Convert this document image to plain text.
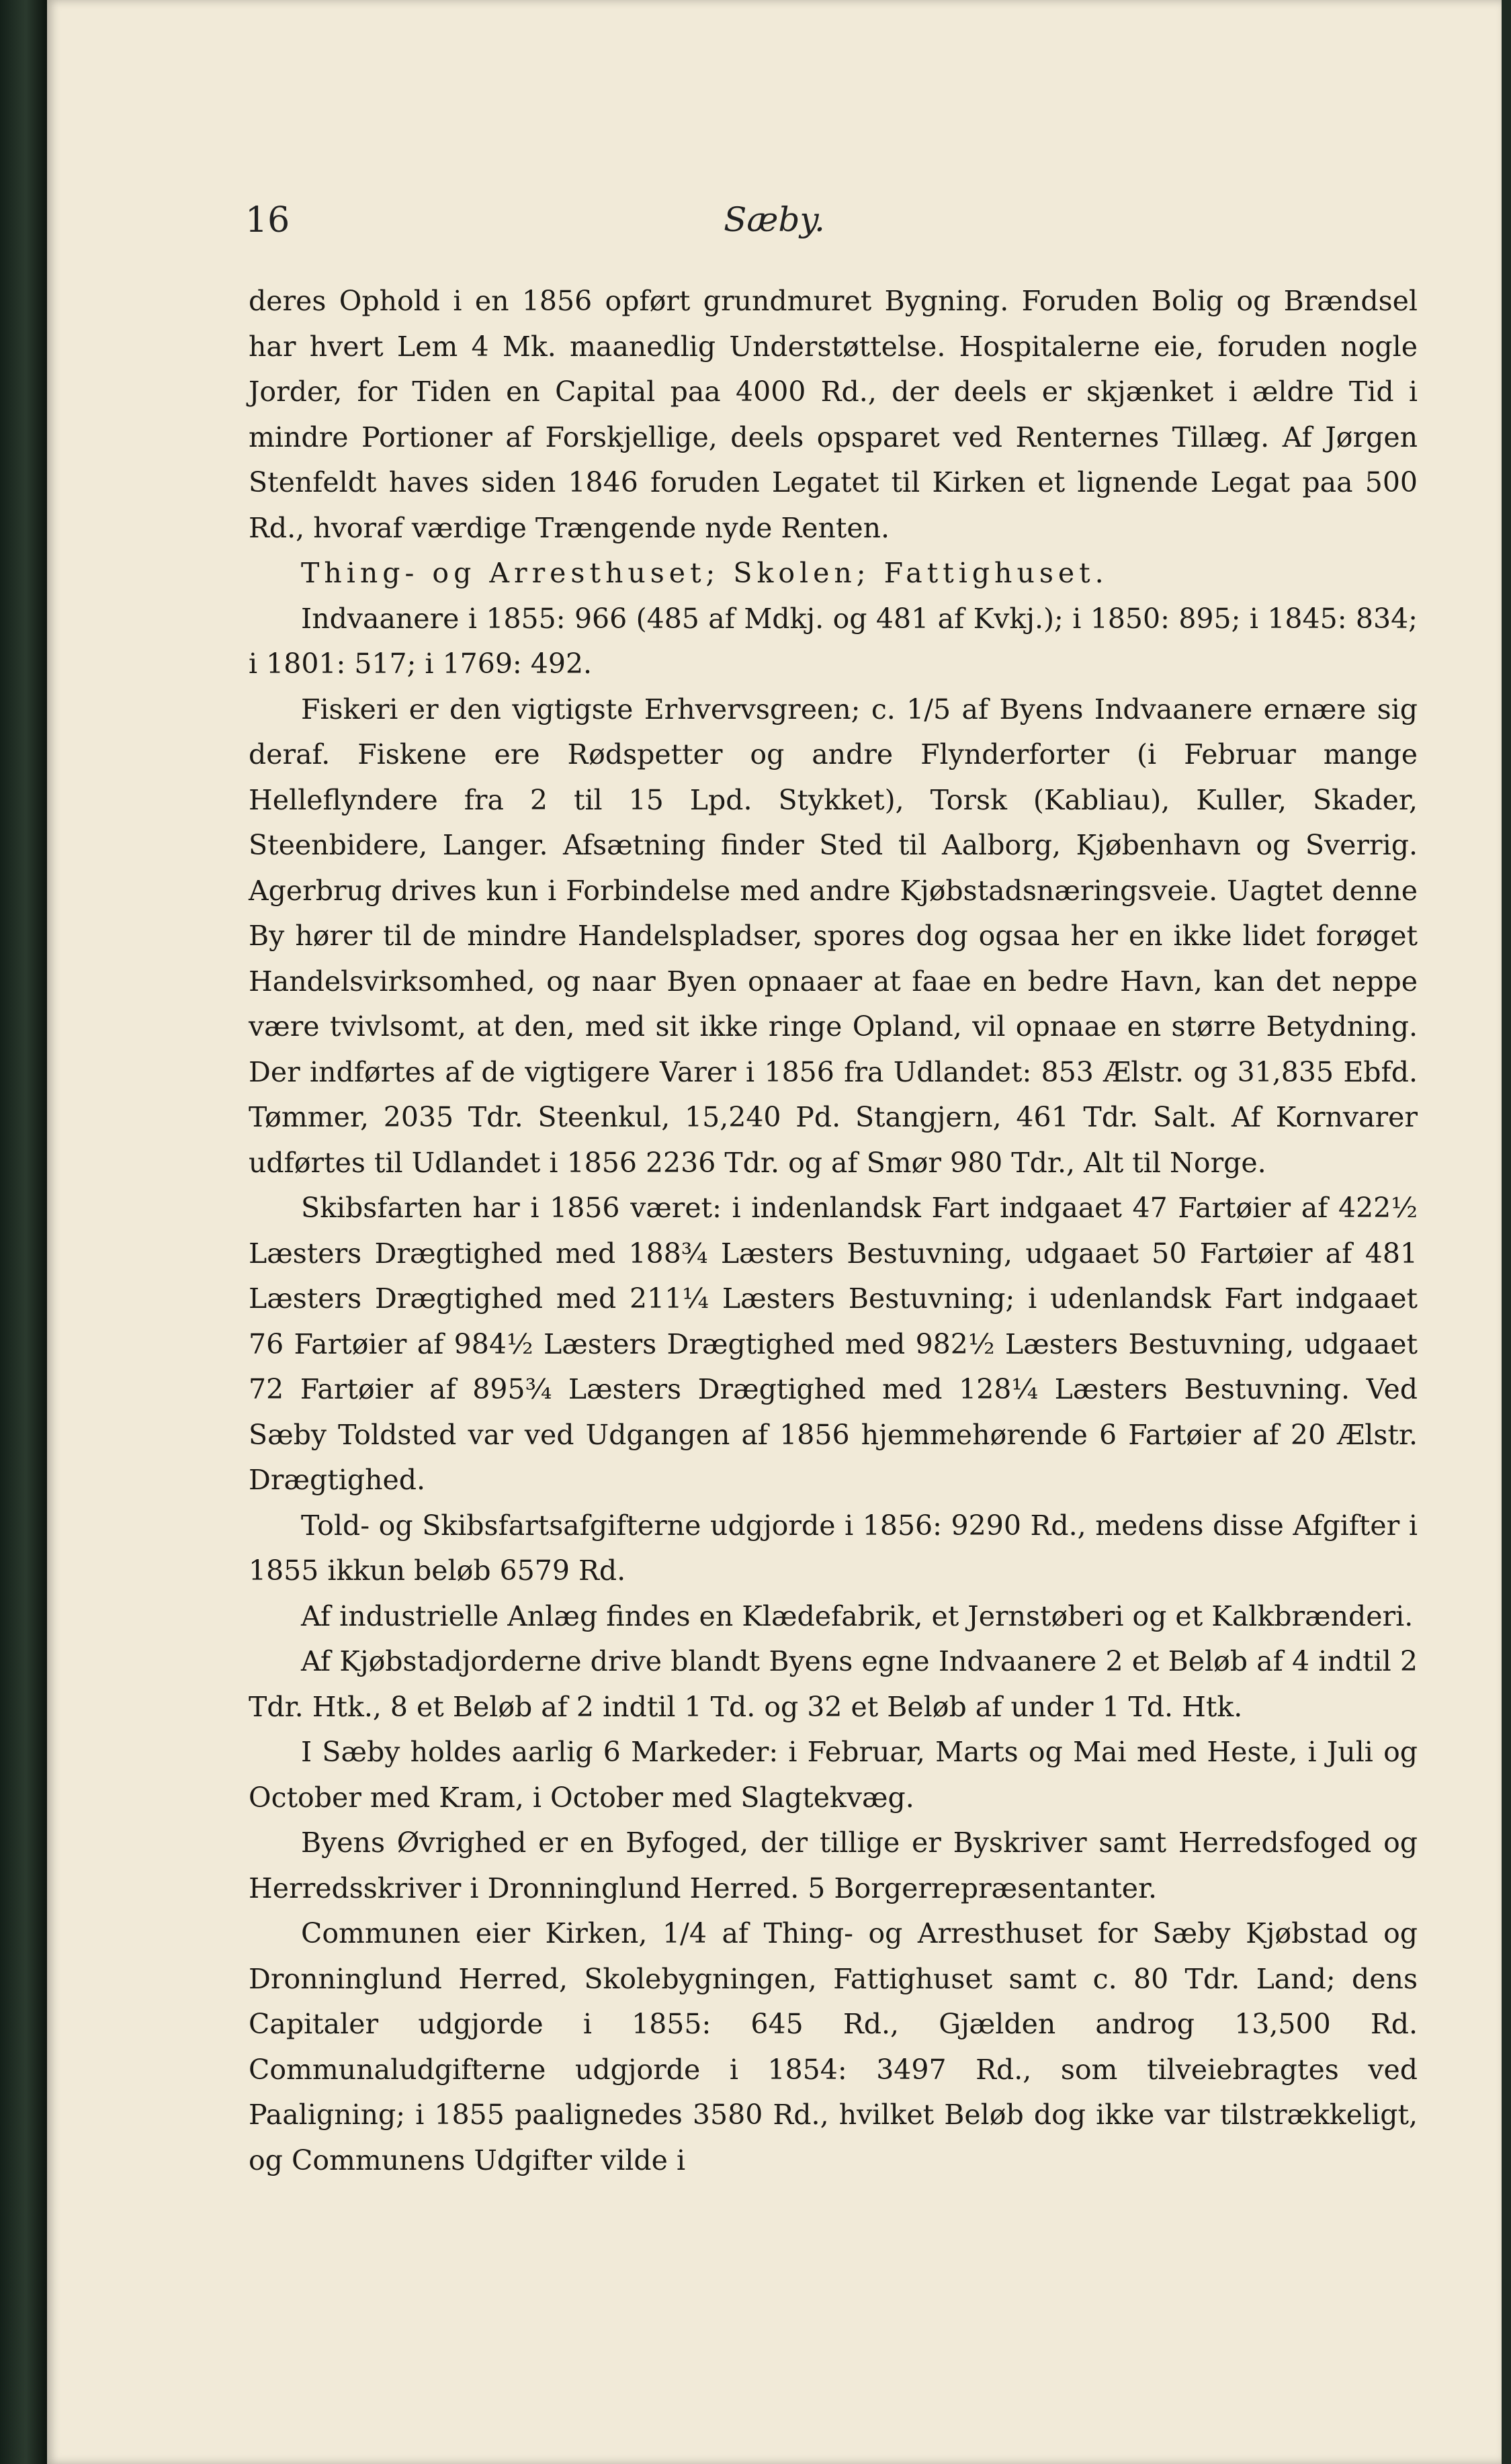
16	Sæby.

deres Ophold i en 1856 opført grundmuret Bygning. Foruden Bolig og Brændsel har hvert Lem 4 Mk. maanedlig Understøttelse. Hospitalerne eie, foruden nogle Jorder, for Tiden en Capital paa 4000 Rd., der deels er skjænket i ældre Tid i mindre Portioner af Forskjellige, deels opsparet ved Renternes Tillæg. Af Jørgen Stenfeldt haves siden 1846 foruden Legatet til Kirken et lignende Legat paa 500 Rd., hvoraf værdige Trængende nyde Renten.

Thing- og Arresthuset; Skolen; Fattighuset.

Indvaanere i 1855: 966 (485 af Mdkj. og 481 af Kvkj.); i 1850: 895; i 1845: 834; i 1801: 517; i 1769: 492.

Fiskeri er den vigtigste Erhvervsgreen; c. 1/5 af Byens Indvaanere ernære sig deraf. Fiskene ere Rødspetter og andre Flynderforter (i Februar mange Helleflyndere fra 2 til 15 Lpd. Stykket), Torsk (Kabliau), Kuller, Skader, Steenbidere, Langer. Afsætning finder Sted til Aalborg, Kjøbenhavn og Sverrig. Agerbrug drives kun i Forbindelse med andre Kjøbstadsnæringsveie. Uagtet denne By hører til de mindre Handelspladser, spores dog ogsaa her en ikke lidet forøget Handelsvirksomhed, og naar Byen opnaaer at faae en bedre Havn, kan det neppe være tvivlsomt, at den, med sit ikke ringe Opland, vil opnaae en større Betydning. Der indførtes af de vigtigere Varer i 1856 fra Udlandet: 853 Ælstr. og 31,835 Ebfd. Tømmer, 2035 Tdr. Steenkul, 15,240 Pd. Stangjern, 461 Tdr. Salt. Af Kornvarer udførtes til Udlandet i 1856 2236 Tdr. og af Smør 980 Tdr., Alt til Norge.

Skibsfarten har i 1856 været: i indenlandsk Fart indgaaet 47 Fartøier af 422½ Læsters Drægtighed med 188¾ Læsters Bestuvning, udgaaet 50 Fartøier af 481 Læsters Drægtighed med 211¼ Læsters Bestuvning; i udenlandsk Fart indgaaet 76 Fartøier af 984½ Læsters Drægtighed med 982½ Læsters Bestuvning, udgaaet 72 Fartøier af 895¾ Læsters Drægtighed med 128¼ Læsters Bestuvning. Ved Sæby Toldsted var ved Udgangen af 1856 hjemmehørende 6 Fartøier af 20 Ælstr. Drægtighed.

Told- og Skibsfartsafgifterne udgjorde i 1856: 9290 Rd., medens disse Afgifter i 1855 ikkun beløb 6579 Rd.

Af industrielle Anlæg findes en Klædefabrik, et Jernstøberi og et Kalkbrænderi.

Af Kjøbstadjorderne drive blandt Byens egne Indvaanere 2 et Beløb af 4 indtil 2 Tdr. Htk., 8 et Beløb af 2 indtil 1 Td. og 32 et Beløb af under 1 Td. Htk.

I Sæby holdes aarlig 6 Markeder: i Februar, Marts og Mai med Heste, i Juli og October med Kram, i October med Slagtekvæg.

Byens Øvrighed er en Byfoged, der tillige er Byskriver samt Herredsfoged og Herredsskriver i Dronninglund Herred. 5 Borgerrepræsentanter.

Communen eier Kirken, 1/4 af Thing- og Arresthuset for Sæby Kjøbstad og Dronninglund Herred, Skolebygningen, Fattighuset samt c. 80 Tdr. Land; dens Capitaler udgjorde i 1855: 645 Rd., Gjælden androg 13,500 Rd. Communaludgifterne udgjorde i 1854: 3497 Rd., som tilveiebragtes ved Paaligning; i 1855 paalignedes 3580 Rd., hvilket Beløb dog ikke var tilstrækkeligt, og Communens Udgifter vilde i
